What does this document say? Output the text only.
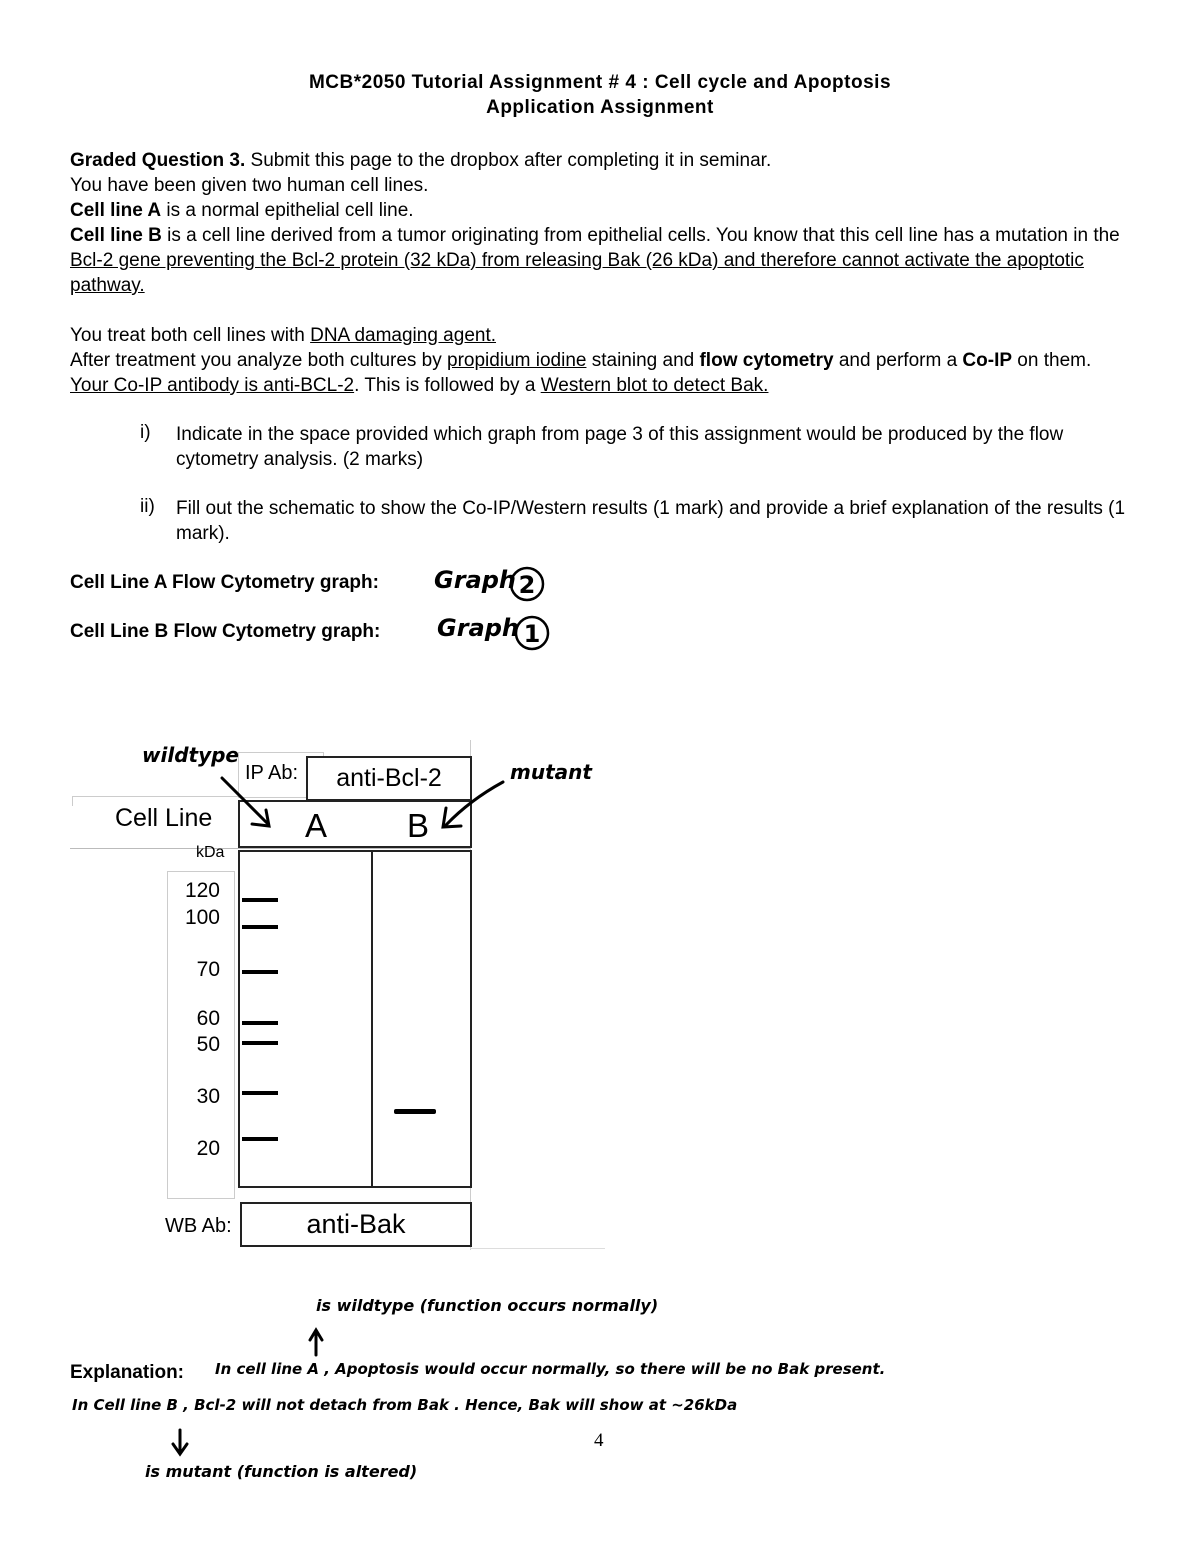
MCB*2050 Tutorial Assignment # 4 : Cell cycle and Apoptosis
Application Assignment
Graded Question 3. Submit this page to the dropbox after completing it in seminar.
You have been given two human cell lines.
Cell line A is a normal epithelial cell line.
Cell line B is a cell line derived from a tumor originating from epithelial cells. You know that this cell line has a mutation in the Bcl-2 gene preventing the Bcl-2 protein (32 kDa) from releasing Bak (26 kDa) and therefore cannot activate the apoptotic pathway.
You treat both cell lines with DNA damaging agent.
After treatment you analyze both cultures by propidium iodine staining and flow cytometry and perform a Co-IP on them. Your Co-IP antibody is anti-BCL-2. This is followed by a Western blot to detect Bak.
i) Indicate in the space provided which graph from page 3 of this assignment would be produced by the flow cytometry analysis. (2 marks)
ii) Fill out the schematic to show the Co-IP/Western results (1 mark) and provide a brief explanation of the results (1 mark).
Cell Line A Flow Cytometry graph: Graph 2
Cell Line B Flow Cytometry graph: Graph 1
IP Ab:	anti-Bcl-2
Cell Line	A B
kDa
120
100
70
60
50
30
20
WB Ab:	anti-Bak
wildtype
mutant
is wildtype (function occurs normally)
Explanation: In cell line A , Apoptosis would occur normally, so there will be no Bak present.
In Cell line B , Bcl-2 will not detach from Bak . Hence, Bak will show at ~26kDa
is mutant (function is altered)
4
